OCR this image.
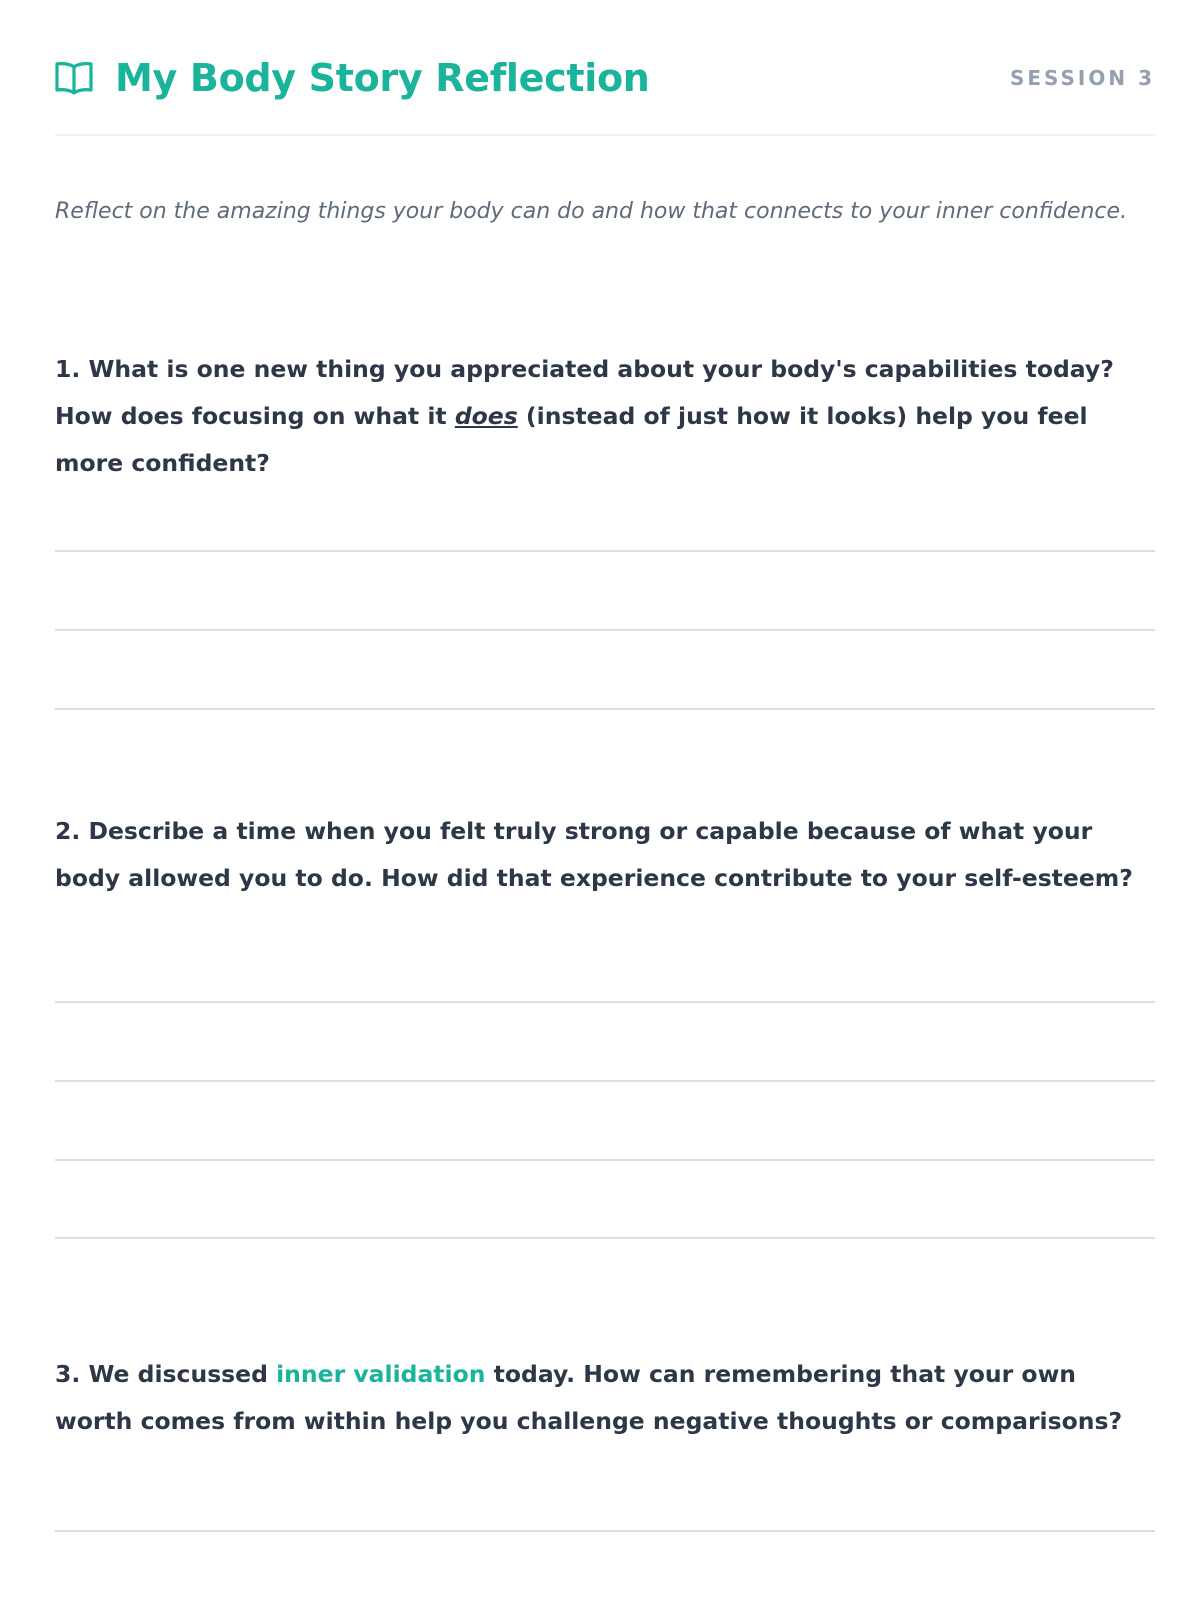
My Body Story Reflection	SESSION 3
Reflect on the amazing things your body can do and how that connects to your inner confidence.
1. What is one new thing you appreciated about your body's capabilities today? How does focusing on what it does (instead of just how it looks) help you feel more confident?
2. Describe a time when you felt truly strong or capable because of what your body allowed you to do. How did that experience contribute to your self-esteem?
3. We discussed inner validation today. How can remembering that your own worth comes from within help you challenge negative thoughts or comparisons?
